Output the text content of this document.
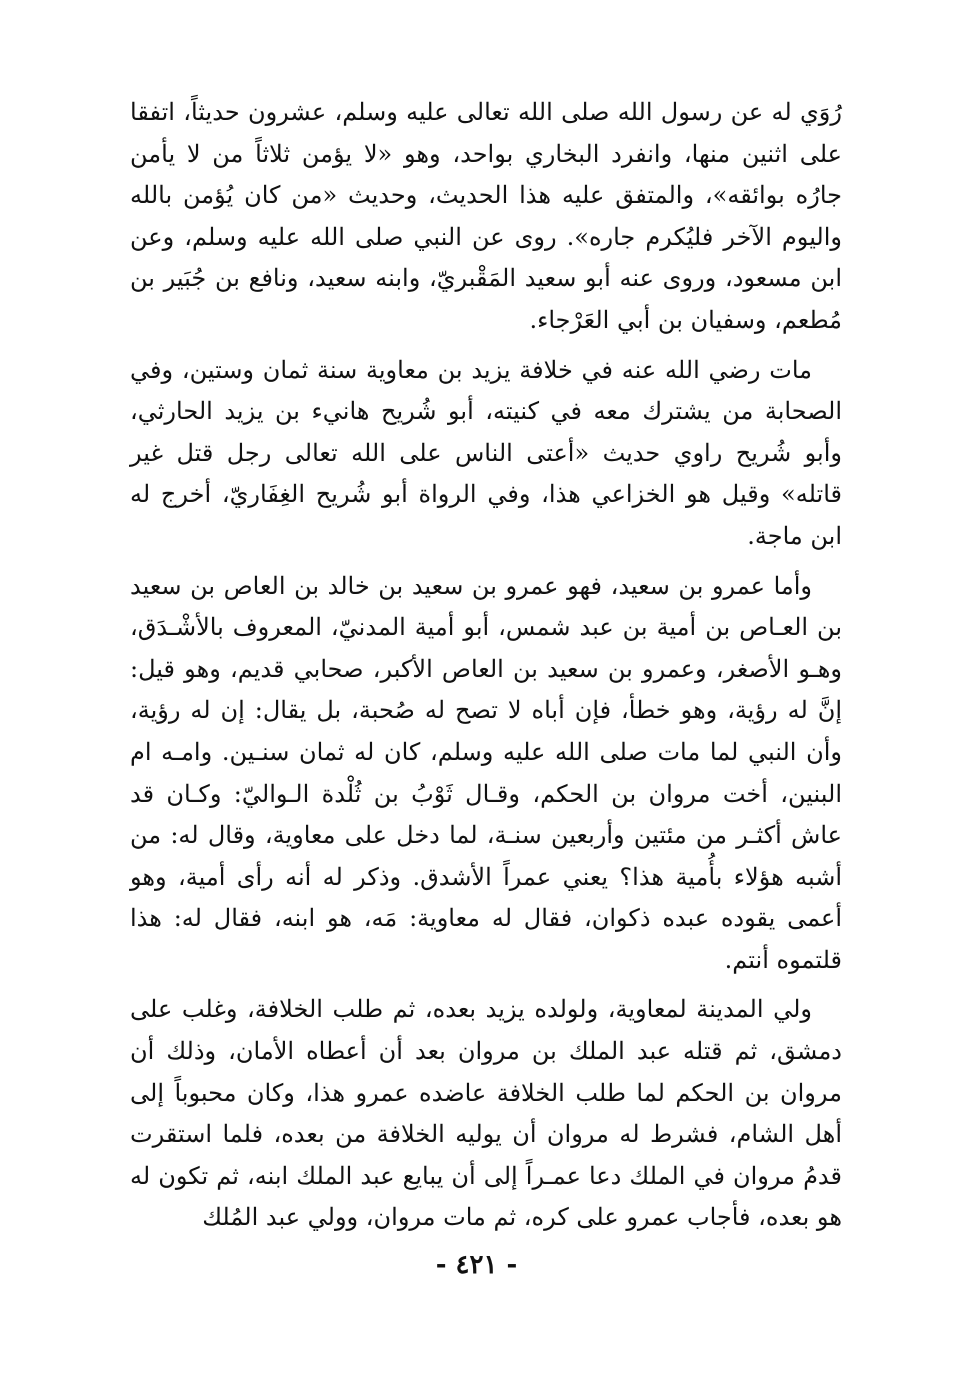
رُوَي له عن رسول الله صلى الله تعالى عليه وسلم، عشرون حديثاً، اتفقا على اثنين منها، وانفرد البخاري بواحد، وهو «لا يؤمن ثلاثاً من لا يأمن جارُه بوائقه»، والمتفق عليه هذا الحديث، وحديث «من كان يُؤمن بالله واليوم الآخر فليُكرم جاره». روى عن النبي صلى الله عليه وسلم، وعن ابن مسعود، وروى عنه أبو سعيد المَقْبريّ، وابنه سعيد، ونافع بن جُبَير بن مُطعم، وسفيان بن أبي العَرْجاء.

مات رضي الله عنه في خلافة يزيد بن معاوية سنة ثمان وستين، وفي الصحابة من يشترك معه في كنيته، أبو شُريح هانيء بن يزيد الحارثي، وأبو شُريح راوي حديث «أعتى الناس على الله تعالى رجل قتل غير قاتله» وقيل هو الخزاعي هذا، وفي الرواة أبو شُريح الغِفَاريّ، أخرج له ابن ماجة.

وأما عمرو بن سعيد، فهو عمرو بن سعيد بن خالد بن العاص بن سعيد بن العـاص بن أمية بن عبد شمس، أبو أمية المدنيّ، المعروف بالأشْـدَق، وهـو الأصغر، وعمرو بن سعيد بن العاص الأكبر، صحابي قديم، وهو قيل: إنَّ له رؤية، وهو خطأ، فإن أباه لا تصح له صُحبة، بل يقال: إن له رؤية، وأن النبي لما مات صلى الله عليه وسلم، كان له ثمان سنـين. وامـه ام البنين، أخت مروان بن الحكم، وقـال ثَوْبُ بن ثُلْدة الـواليّ: وكـان قد عاش أكثـر من مئتين وأربعين سنـة، لما دخل على معاوية، وقال له: من أشبه هؤلاء بأُمية هذا؟ يعني عمراً الأشدق. وذكر له أنه رأى أمية، وهو أعمى يقوده عبده ذكوان، فقال له معاوية: مَه، هو ابنه، فقال له: هذا قلتموه أنتم.

ولي المدينة لمعاوية، ولولده يزيد بعده، ثم طلب الخلافة، وغلب على دمشق، ثم قتله عبد الملك بن مروان بعد أن أعطاه الأمان، وذلك أن مروان بن الحكم لما طلب الخلافة عاضده عمرو هذا، وكان محبوباً إلى أهل الشام، فشرط له مروان أن يوليه الخلافة من بعده، فلما استقرت قدمُ مروان في الملك دعا عمـراً إلى أن يبايع عبد الملك ابنه، ثم تكون له هو بعده، فأجاب عمرو على كره، ثم مات مروان، وولي عبد المُلك

- ٤٢١ -
